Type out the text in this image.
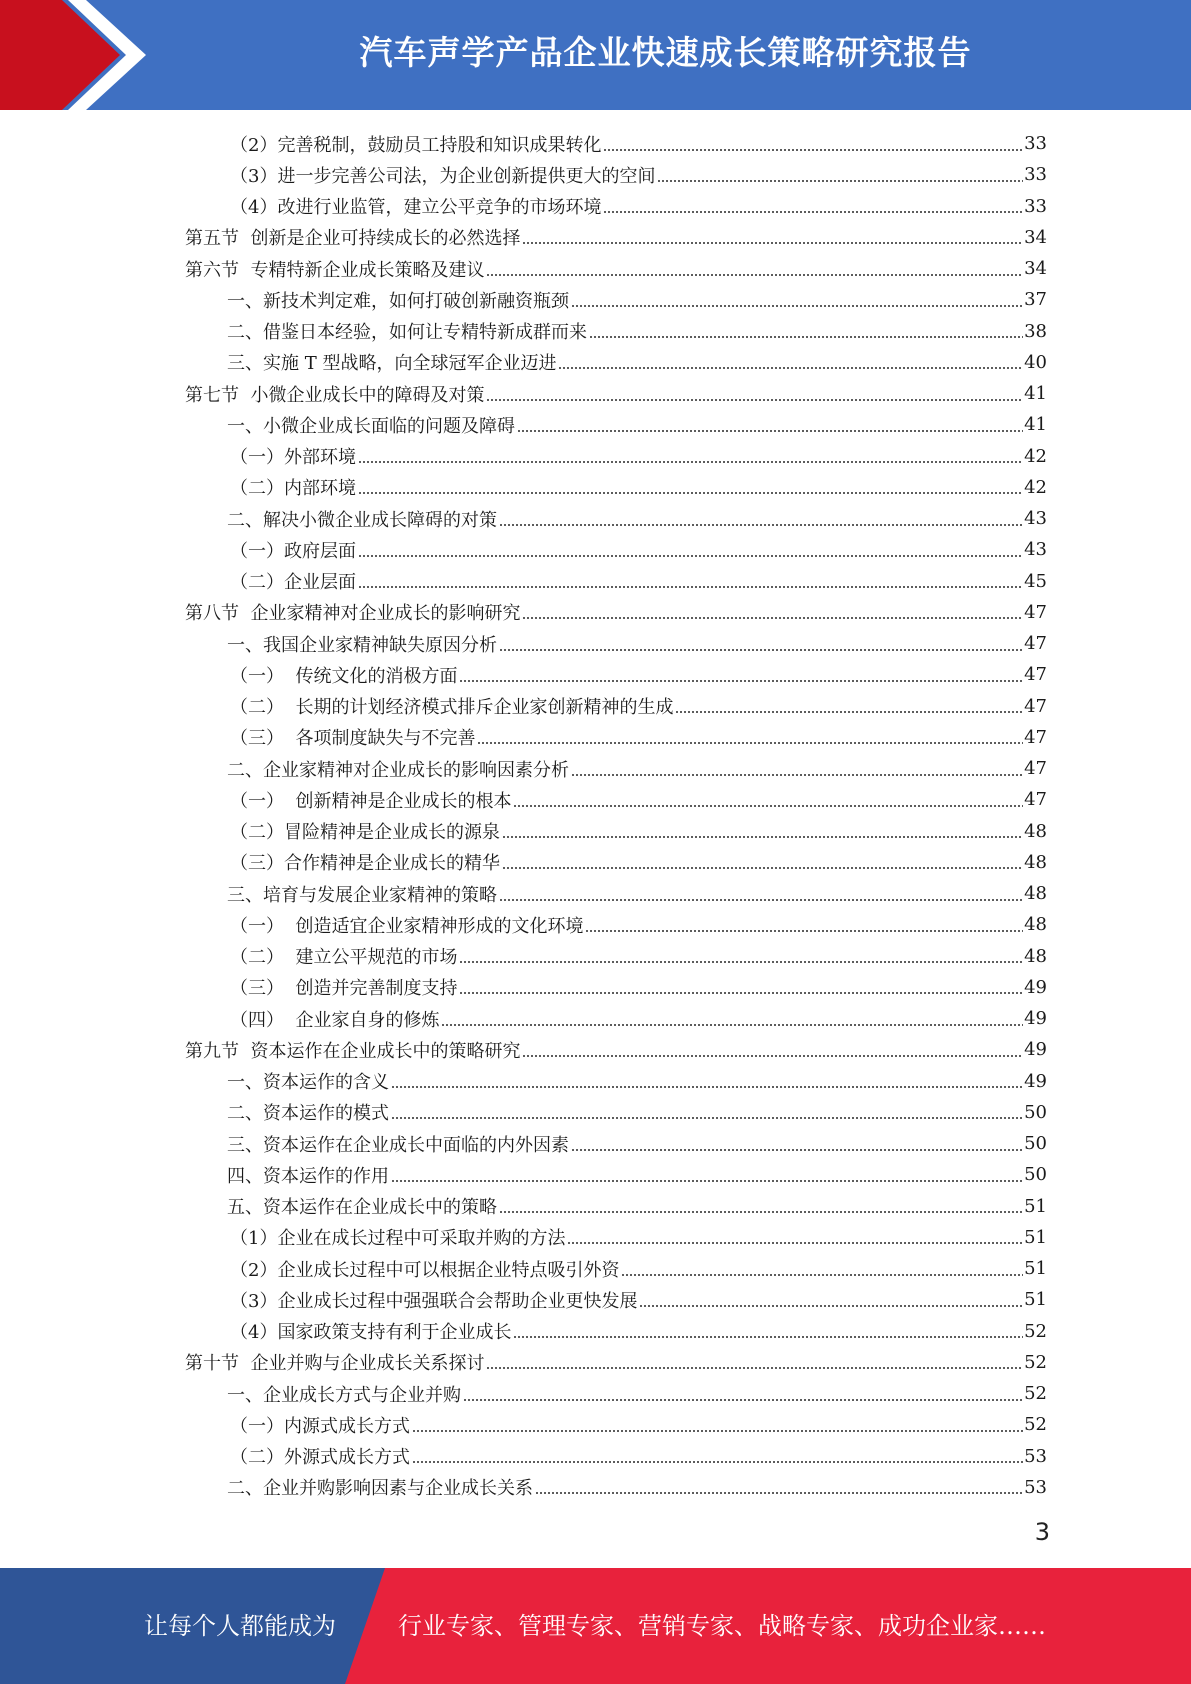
汽车声学产品企业快速成长策略研究报告
（2）完善税制，鼓励员工持股和知识成果转化	33
（3）进一步完善公司法，为企业创新提供更大的空间	33
（4）改进行业监管，建立公平竞争的市场环境	33
第五节  创新是企业可持续成长的必然选择	34
第六节  专精特新企业成长策略及建议	34
一、新技术判定难，如何打破创新融资瓶颈	37
二、借鉴日本经验，如何让专精特新成群而来	38
三、实施 T 型战略，向全球冠军企业迈进	40
第七节  小微企业成长中的障碍及对策	41
一、小微企业成长面临的问题及障碍	41
（一）外部环境	42
（二）内部环境	42
二、解决小微企业成长障碍的对策	43
（一）政府层面	43
（二）企业层面	45
第八节  企业家精神对企业成长的影响研究	47
一、我国企业家精神缺失原因分析	47
（一）  传统文化的消极方面	47
（二）  长期的计划经济模式排斥企业家创新精神的生成	47
（三）  各项制度缺失与不完善	47
二、企业家精神对企业成长的影响因素分析	47
（一）  创新精神是企业成长的根本	47
（二）冒险精神是企业成长的源泉	48
（三）合作精神是企业成长的精华	48
三、培育与发展企业家精神的策略	48
（一）  创造适宜企业家精神形成的文化环境	48
（二）  建立公平规范的市场	48
（三）  创造并完善制度支持	49
（四）  企业家自身的修炼	49
第九节  资本运作在企业成长中的策略研究	49
一、资本运作的含义	49
二、资本运作的模式	50
三、资本运作在企业成长中面临的内外因素	50
四、资本运作的作用	50
五、资本运作在企业成长中的策略	51
（1）企业在成长过程中可采取并购的方法	51
（2）企业成长过程中可以根据企业特点吸引外资	51
（3）企业成长过程中强强联合会帮助企业更快发展	51
（4）国家政策支持有利于企业成长	52
第十节  企业并购与企业成长关系探讨	52
一、企业成长方式与企业并购	52
（一）内源式成长方式	52
（二）外源式成长方式	53
二、企业并购影响因素与企业成长关系	53
3
让每个人都能成为	行业专家、管理专家、营销专家、战略专家、成功企业家……
